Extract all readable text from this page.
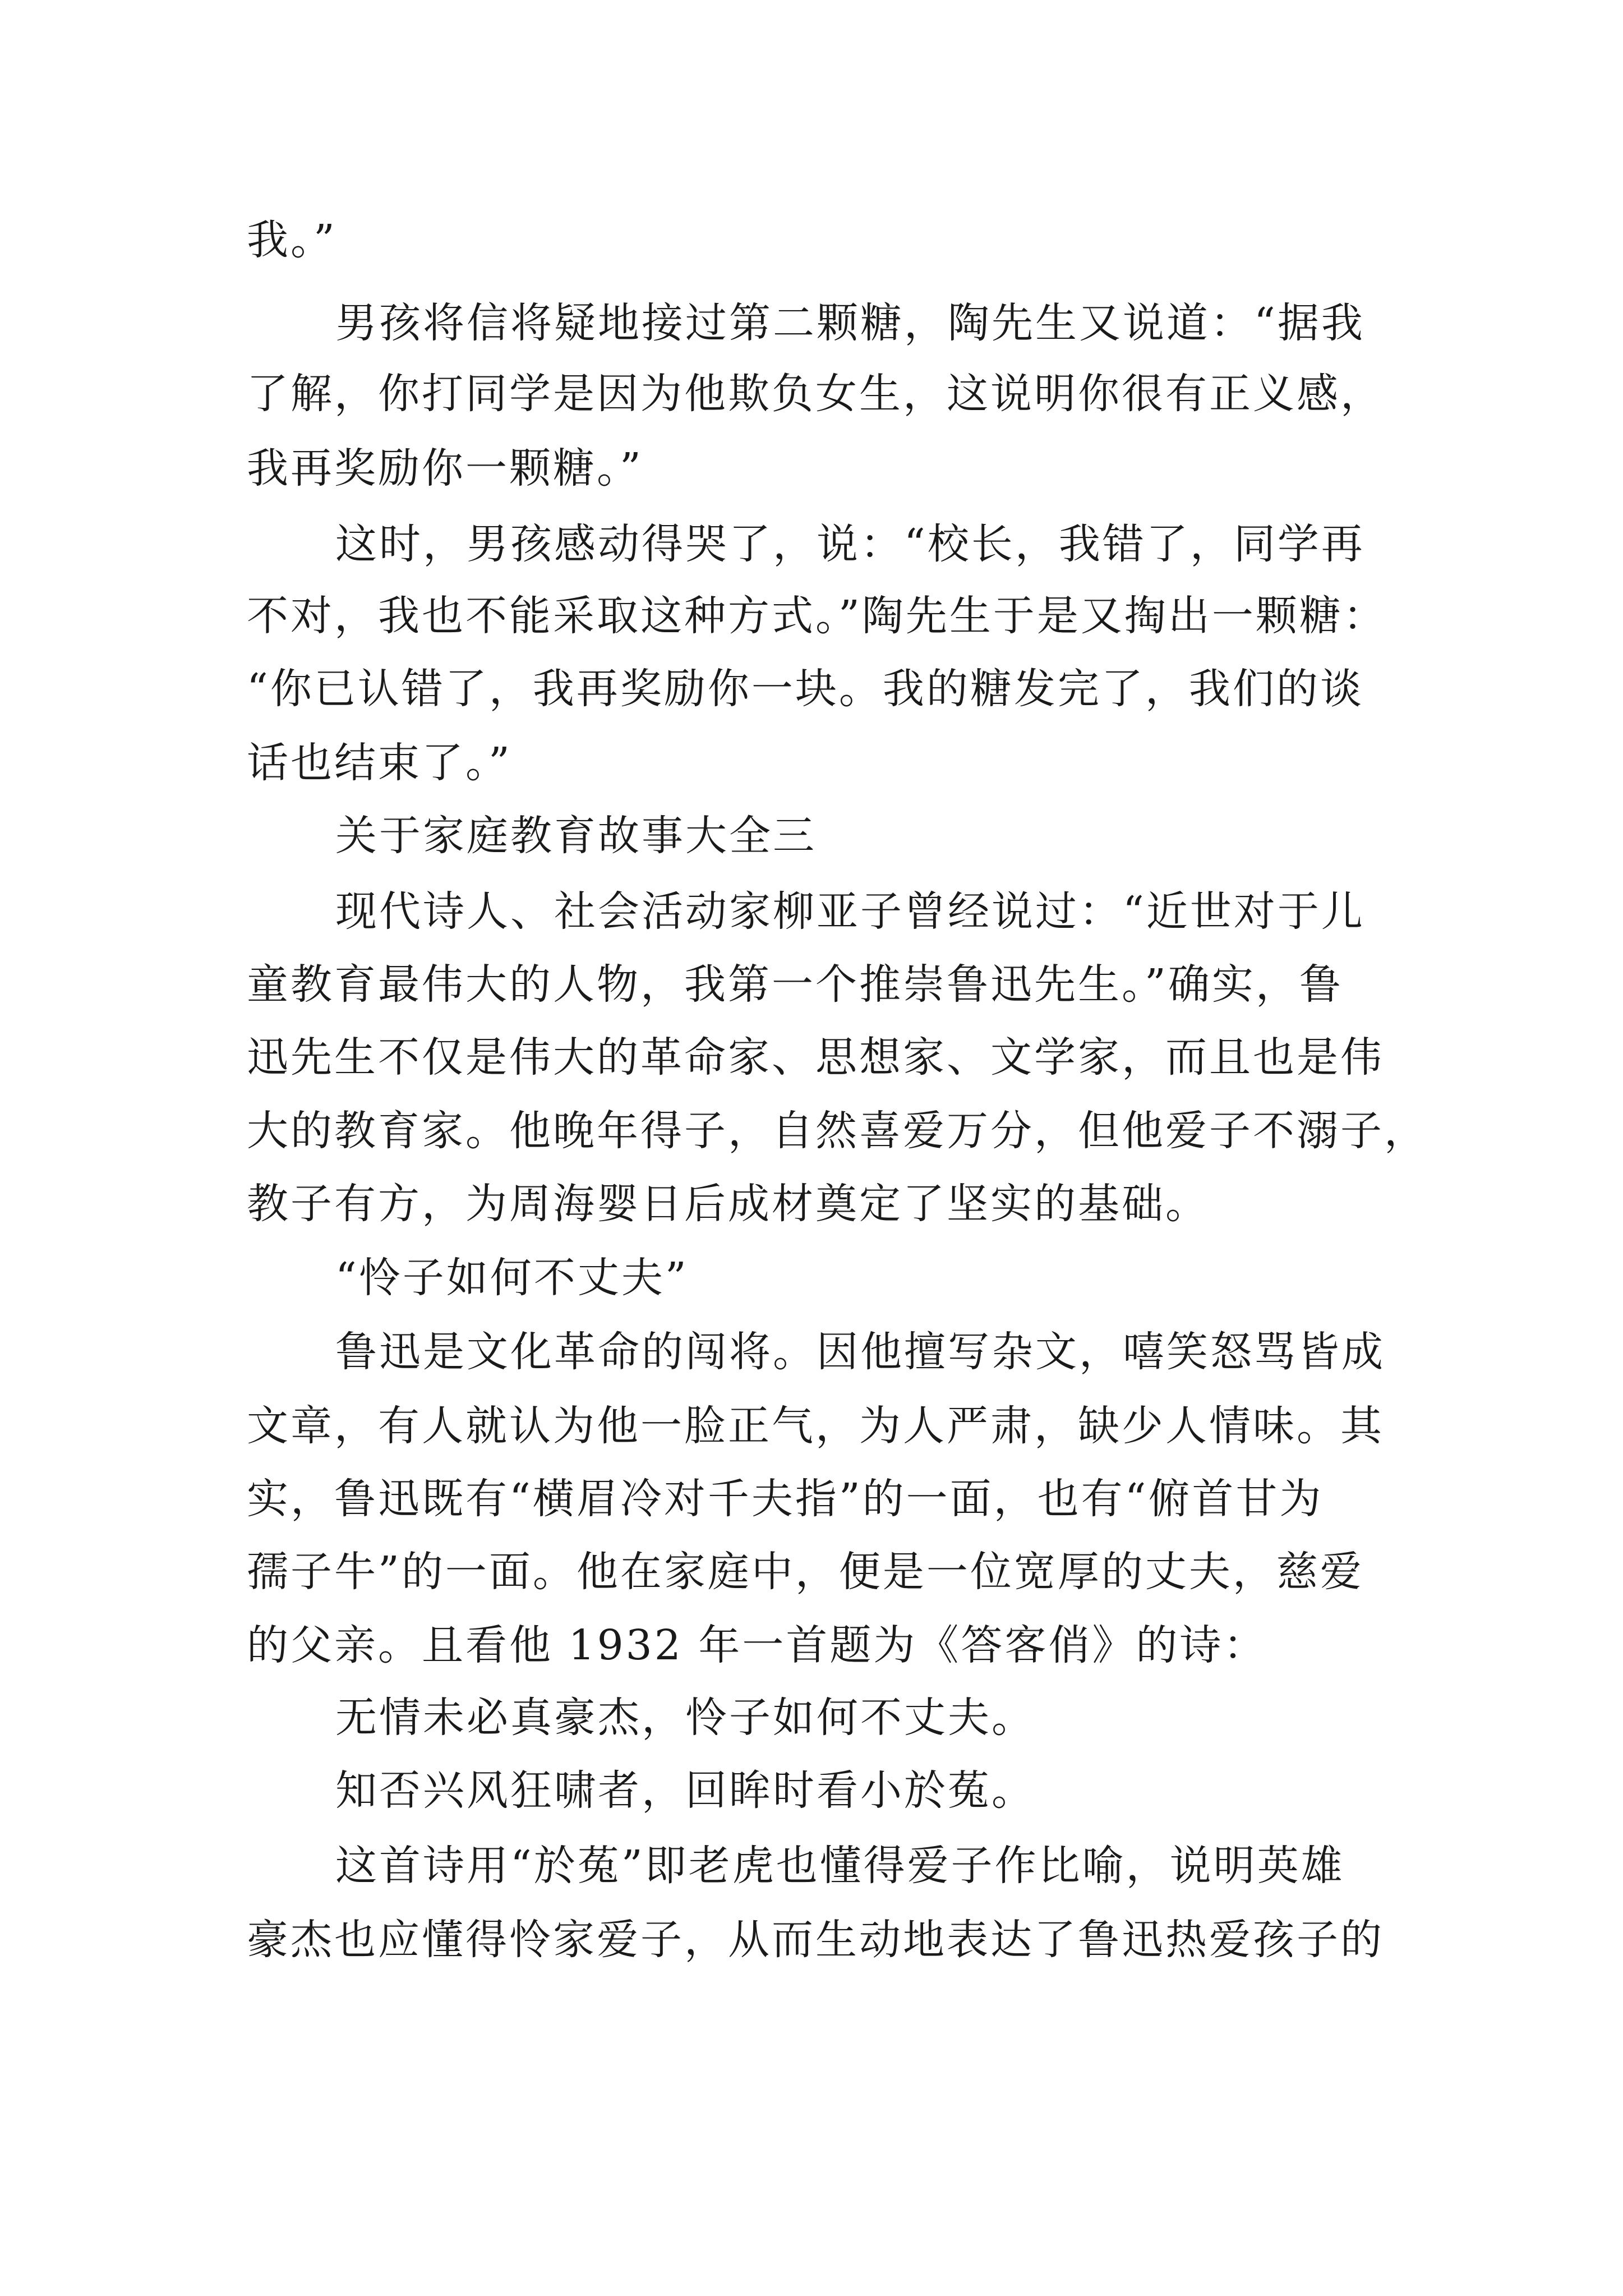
我。”
男孩将信将疑地接过第二颗糖，陶先生又说道：“据我
了解，你打同学是因为他欺负女生，这说明你很有正义感，
我再奖励你一颗糖。”
这时，男孩感动得哭了，说：“校长，我错了，同学再
不对，我也不能采取这种方式。”陶先生于是又掏出一颗糖：
“你已认错了，我再奖励你一块。我的糖发完了，我们的谈
话也结束了。”
关于家庭教育故事大全三
现代诗人、社会活动家柳亚子曾经说过：“近世对于儿
童教育最伟大的人物，我第一个推崇鲁迅先生。”确实，鲁
迅先生不仅是伟大的革命家、思想家、文学家，而且也是伟
大的教育家。他晚年得子，自然喜爱万分，但他爱子不溺子，
教子有方，为周海婴日后成材奠定了坚实的基础。
“怜子如何不丈夫”
鲁迅是文化革命的闯将。因他擅写杂文，嘻笑怒骂皆成
文章，有人就认为他一脸正气，为人严肃，缺少人情味。其
实，鲁迅既有“横眉冷对千夫指”的一面，也有“俯首甘为
孺子牛”的一面。他在家庭中，便是一位宽厚的丈夫，慈爱
的父亲。且看他 1932 年一首题为《答客俏》的诗：
无情未必真豪杰，怜子如何不丈夫。
知否兴风狂啸者，回眸时看小於菟。
这首诗用“於菟”即老虎也懂得爱子作比喻，说明英雄
豪杰也应懂得怜家爱子，从而生动地表达了鲁迅热爱孩子的
